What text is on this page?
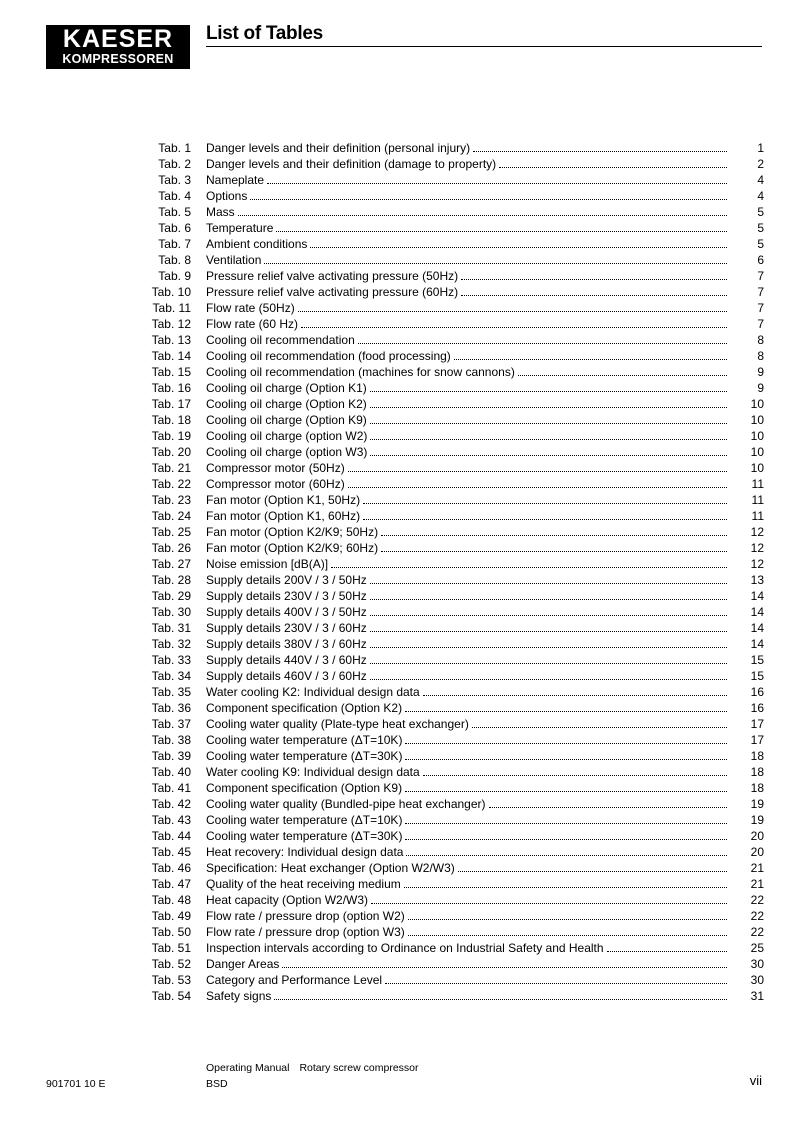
KAESER
KOMPRESSOREN
List of Tables
Tab. 1 Danger levels and their definition (personal injury)	1
Tab. 2 Danger levels and their definition (damage to property)	2
Tab. 3 Nameplate	4
Tab. 4 Options	4
Tab. 5 Mass	5
Tab. 6 Temperature	5
Tab. 7 Ambient conditions	5
Tab. 8 Ventilation	6
Tab. 9 Pressure relief valve activating pressure (50Hz)	7
Tab. 10 Pressure relief valve activating pressure (60Hz)	7
Tab. 11 Flow rate (50Hz)	7
Tab. 12 Flow rate (60 Hz)	7
Tab. 13 Cooling oil recommendation	8
Tab. 14 Cooling oil recommendation (food processing)	8
Tab. 15 Cooling oil recommendation (machines for snow cannons)	9
Tab. 16 Cooling oil charge (Option K1)	9
Tab. 17 Cooling oil charge (Option K2)	10
Tab. 18 Cooling oil charge (Option K9)	10
Tab. 19 Cooling oil charge (option W2)	10
Tab. 20 Cooling oil charge (option W3)	10
Tab. 21 Compressor motor (50Hz)	10
Tab. 22 Compressor motor (60Hz)	11
Tab. 23 Fan motor (Option K1, 50Hz)	11
Tab. 24 Fan motor (Option K1, 60Hz)	11
Tab. 25 Fan motor (Option K2/K9; 50Hz)	12
Tab. 26 Fan motor (Option K2/K9; 60Hz)	12
Tab. 27 Noise emission [dB(A)]	12
Tab. 28 Supply details 200V / 3 / 50Hz	13
Tab. 29 Supply details 230V / 3 / 50Hz	14
Tab. 30 Supply details 400V / 3 / 50Hz	14
Tab. 31 Supply details 230V / 3 / 60Hz	14
Tab. 32 Supply details 380V / 3 / 60Hz	14
Tab. 33 Supply details 440V / 3 / 60Hz	15
Tab. 34 Supply details 460V / 3 / 60Hz	15
Tab. 35 Water cooling K2: Individual design data	16
Tab. 36 Component specification (Option K2)	16
Tab. 37 Cooling water quality (Plate-type heat exchanger)	17
Tab. 38 Cooling water temperature (ΔT=10K)	17
Tab. 39 Cooling water temperature (ΔT=30K)	18
Tab. 40 Water cooling K9: Individual design data	18
Tab. 41 Component specification (Option K9)	18
Tab. 42 Cooling water quality (Bundled-pipe heat exchanger)	19
Tab. 43 Cooling water temperature (ΔT=10K)	19
Tab. 44 Cooling water temperature (ΔT=30K)	20
Tab. 45 Heat recovery: Individual design data	20
Tab. 46 Specification: Heat exchanger (Option W2/W3)	21
Tab. 47 Quality of the heat receiving medium	21
Tab. 48 Heat capacity (Option W2/W3)	22
Tab. 49 Flow rate / pressure drop (option W2)	22
Tab. 50 Flow rate / pressure drop (option W3)	22
Tab. 51 Inspection intervals according to Ordinance on Industrial Safety and Health	25
Tab. 52 Danger Areas	30
Tab. 53 Category and Performance Level	30
Tab. 54 Safety signs	31
Operating Manual Rotary screw compressor
BSD
901701 10 E	vii
